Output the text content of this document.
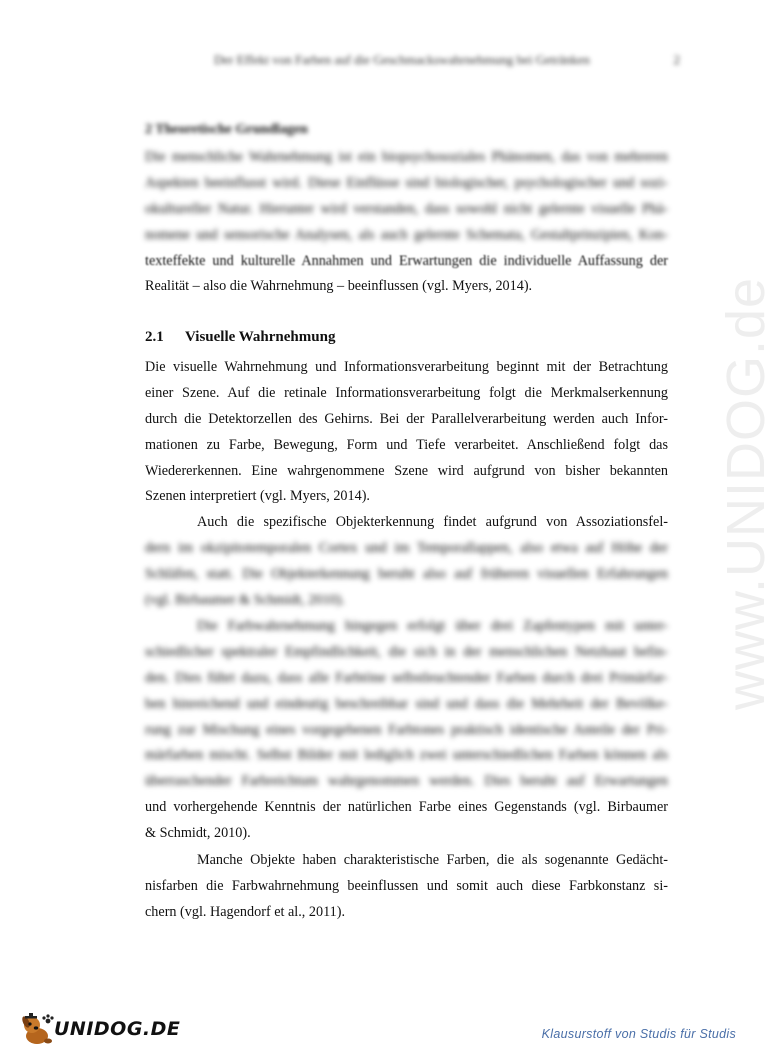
Der Effekt von Farben auf die Geschmackswahrnehmung bei Getränken	2
2 Theoretische Grundlagen
Die menschliche Wahrnehmung ist ein biopsychosoziales Phänomen, das von mehreren
Aspekten beeinflusst wird. Diese Einflüsse sind biologischer, psychologischer und sozi-
okultureller Natur. Hierunter wird verstanden, dass sowohl nicht gelernte visuelle Phä-
nomene und sensorische Analysen, als auch gelernte Schemata, Gestaltprinzipien, Kon-
texteffekte und kulturelle Annahmen und Erwartungen die individuelle Auffassung der
Realität – also die Wahrnehmung – beeinflussen (vgl. Myers, 2014).
2.1 Visuelle Wahrnehmung
Die visuelle Wahrnehmung und Informationsverarbeitung beginnt mit der Betrachtung
einer Szene. Auf die retinale Informationsverarbeitung folgt die Merkmalserkennung
durch die Detektorzellen des Gehirns. Bei der Parallelverarbeitung werden auch Infor-
mationen zu Farbe, Bewegung, Form und Tiefe verarbeitet. Anschließend folgt das
Wiedererkennen. Eine wahrgenommene Szene wird aufgrund von bisher bekannten
Szenen interpretiert (vgl. Myers, 2014).
Auch die spezifische Objekterkennung findet aufgrund von Assoziationsfel-
dern im okzipitotemporalen Cortex und im Temporallappen, also etwa auf Höhe der
Schläfen, statt. Die Objekterkennung beruht also auf früheren visuellen Erfahrungen
(vgl. Birbaumer & Schmidt, 2010).
Die Farbwahrnehmung hingegen erfolgt über drei Zapfentypen mit unter-
schiedlicher spektraler Empfindlichkeit, die sich in der menschlichen Netzhaut befin-
den. Dies führt dazu, dass alle Farbtöne selbstleuchtender Farben durch drei Primärfar-
ben hinreichend und eindeutig beschreibbar sind und dass die Mehrheit der Bevölke-
rung zur Mischung eines vorgegebenen Farbtones praktisch identische Anteile der Pri-
märfarben mischt. Selbst Bilder mit lediglich zwei unterschiedlichen Farben können als
überraschender Farbreichtum wahrgenommen werden. Dies beruht auf Erwartungen
und vorhergehende Kenntnis der natürlichen Farbe eines Gegenstands (vgl. Birbaumer
& Schmidt, 2010).
Manche Objekte haben charakteristische Farben, die als sogenannte Gedächt-
nisfarben die Farbwahrnehmung beeinflussen und somit auch diese Farbkonstanz si-
chern (vgl. Hagendorf et al., 2011).
www.UNIDOG.de
UNIDOG.DE	Klausurstoff von Studis für Studis
